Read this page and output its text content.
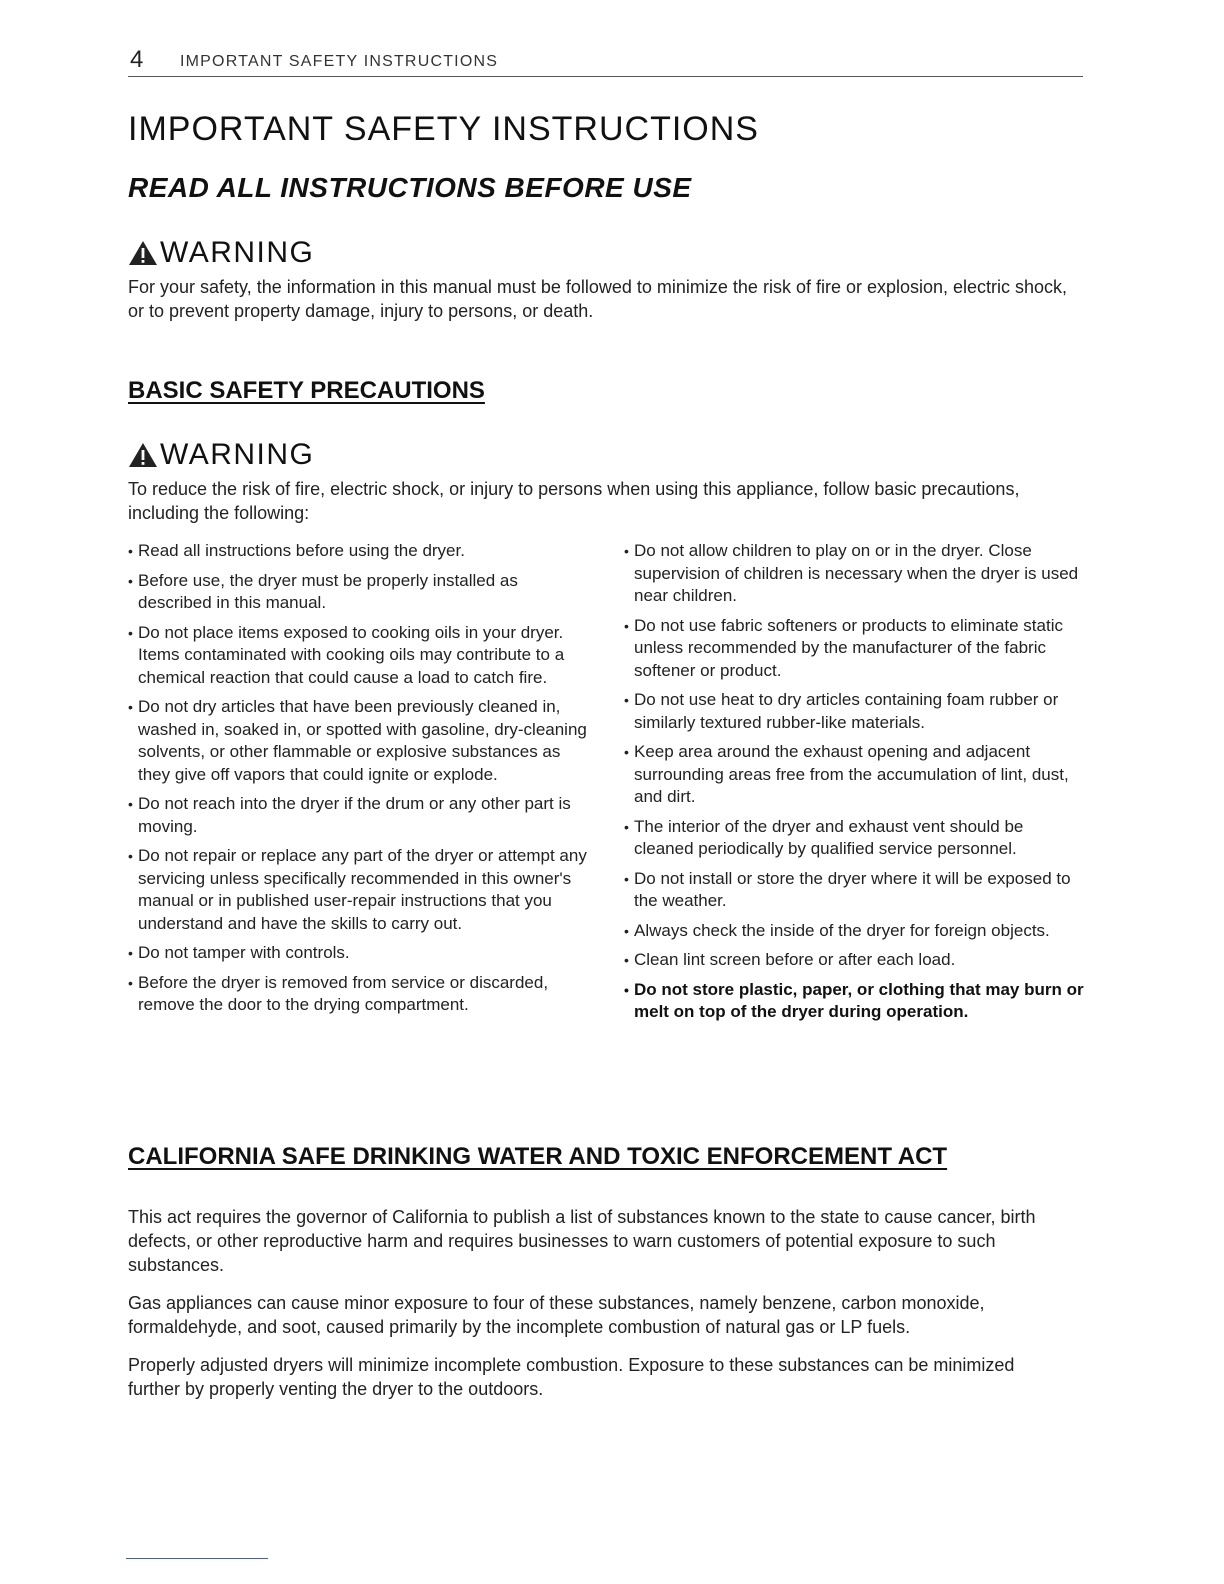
4 IMPORTANT SAFETY INSTRUCTIONS
IMPORTANT SAFETY INSTRUCTIONS
READ ALL INSTRUCTIONS BEFORE USE
WARNING

For your safety, the information in this manual must be followed to minimize the risk of fire or explosion, electric shock, or to prevent property damage, injury to persons, or death.

BASIC SAFETY PRECAUTIONS
WARNING

To reduce the risk of fire, electric shock, or injury to persons when using this appliance, follow basic precautions, including the following:

• Read all instructions before using the dryer.
• Before use, the dryer must be properly installed as described in this manual.
• Do not place items exposed to cooking oils in your dryer. Items contaminated with cooking oils may contribute to a chemical reaction that could cause a load to catch fire.
• Do not dry articles that have been previously cleaned in, washed in, soaked in, or spotted with gasoline, dry-cleaning solvents, or other flammable or explosive substances as they give off vapors that could ignite or explode.
• Do not reach into the dryer if the drum or any other part is moving.
• Do not repair or replace any part of the dryer or attempt any servicing unless specifically recommended in this owner's manual or in published user-repair instructions that you understand and have the skills to carry out.
• Do not tamper with controls.
• Before the dryer is removed from service or discarded, remove the door to the drying compartment.
• Do not allow children to play on or in the dryer. Close supervision of children is necessary when the dryer is used near children.
• Do not use fabric softeners or products to eliminate static unless recommended by the manufacturer of the fabric softener or product.
• Do not use heat to dry articles containing foam rubber or similarly textured rubber-like materials.
• Keep area around the exhaust opening and adjacent surrounding areas free from the accumulation of lint, dust, and dirt.
• The interior of the dryer and exhaust vent should be cleaned periodically by qualified service personnel.
• Do not install or store the dryer where it will be exposed to the weather.
• Always check the inside of the dryer for foreign objects.
• Clean lint screen before or after each load.
• Do not store plastic, paper, or clothing that may burn or melt on top of the dryer during operation.
CALIFORNIA SAFE DRINKING WATER AND TOXIC ENFORCEMENT ACT

This act requires the governor of California to publish a list of substances known to the state to cause cancer, birth defects, or other reproductive harm and requires businesses to warn customers of potential exposure to such substances.

Gas appliances can cause minor exposure to four of these substances, namely benzene, carbon monoxide, formaldehyde, and soot, caused primarily by the incomplete combustion of natural gas or LP fuels.

Properly adjusted dryers will minimize incomplete combustion. Exposure to these substances can be minimized further by properly venting the dryer to the outdoors.
